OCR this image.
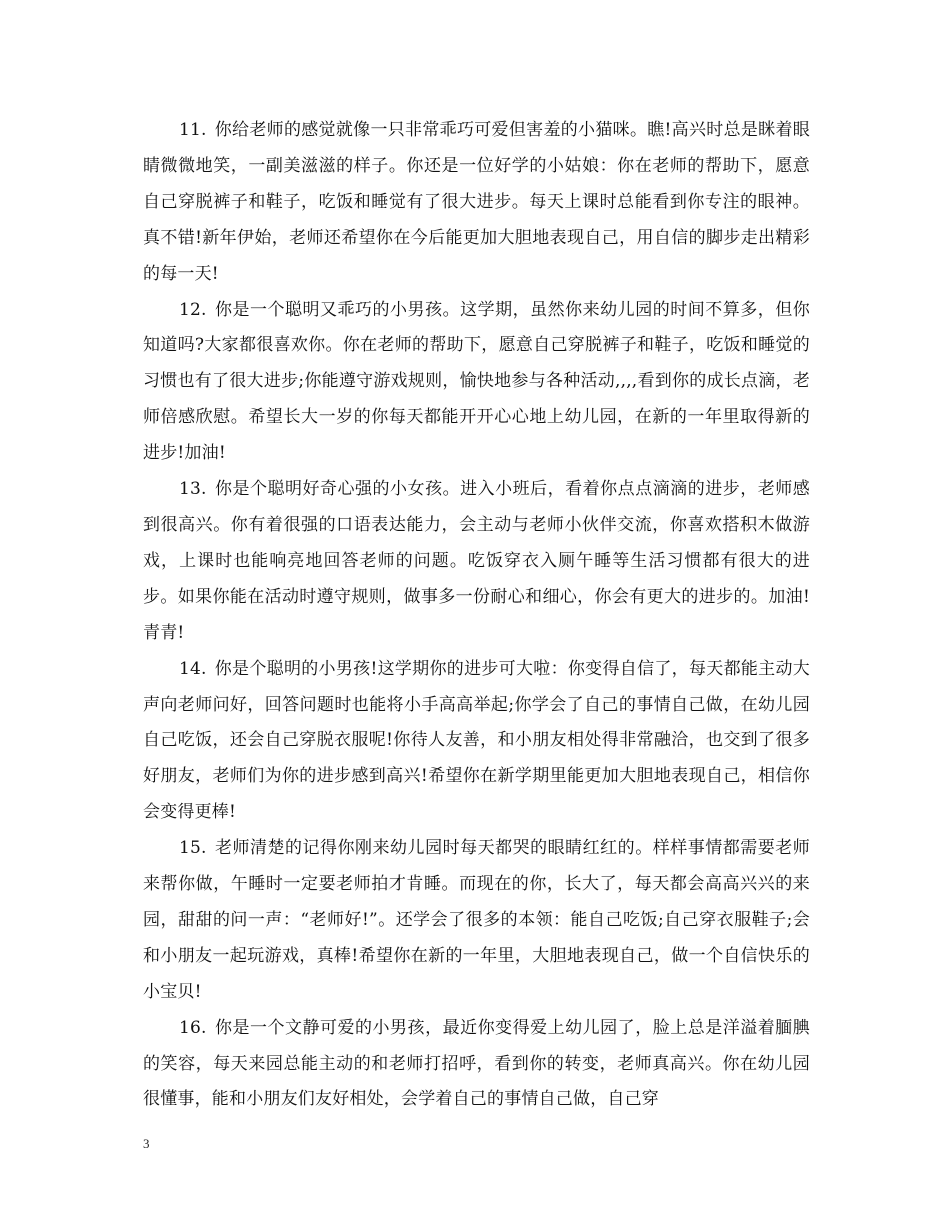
11. 你给老师的感觉就像一只非常乖巧可爱但害羞的小猫咪。瞧!高兴时总是眯着眼睛微微地笑，一副美滋滋的样子。你还是一位好学的小姑娘：你在老师的帮助下，愿意自己穿脱裤子和鞋子，吃饭和睡觉有了很大进步。每天上课时总能看到你专注的眼神。真不错!新年伊始，老师还希望你在今后能更加大胆地表现自己，用自信的脚步走出精彩的每一天!

12. 你是一个聪明又乖巧的小男孩。这学期，虽然你来幼儿园的时间不算多，但你知道吗?大家都很喜欢你。你在老师的帮助下，愿意自己穿脱裤子和鞋子，吃饭和睡觉的习惯也有了很大进步;你能遵守游戏规则，愉快地参与各种活动,,,,看到你的成长点滴，老师倍感欣慰。希望长大一岁的你每天都能开开心心地上幼儿园，在新的一年里取得新的进步!加油!

13. 你是个聪明好奇心强的小女孩。进入小班后，看着你点点滴滴的进步，老师感到很高兴。你有着很强的口语表达能力，会主动与老师小伙伴交流，你喜欢搭积木做游戏，上课时也能响亮地回答老师的问题。吃饭穿衣入厕午睡等生活习惯都有很大的进步。如果你能在活动时遵守规则，做事多一份耐心和细心，你会有更大的进步的。加油!青青!

14. 你是个聪明的小男孩!这学期你的进步可大啦：你变得自信了，每天都能主动大声向老师问好，回答问题时也能将小手高高举起;你学会了自己的事情自己做，在幼儿园自己吃饭，还会自己穿脱衣服呢!你待人友善，和小朋友相处得非常融洽，也交到了很多好朋友，老师们为你的进步感到高兴!希望你在新学期里能更加大胆地表现自己，相信你会变得更棒!

15. 老师清楚的记得你刚来幼儿园时每天都哭的眼睛红红的。样样事情都需要老师来帮你做，午睡时一定要老师拍才肯睡。而现在的你，长大了，每天都会高高兴兴的来园，甜甜的问一声：“老师好!”。还学会了很多的本领：能自己吃饭;自己穿衣服鞋子;会和小朋友一起玩游戏，真棒!希望你在新的一年里，大胆地表现自己，做一个自信快乐的小宝贝!

16. 你是一个文静可爱的小男孩，最近你变得爱上幼儿园了，脸上总是洋溢着腼腆的笑容，每天来园总能主动的和老师打招呼，看到你的转变，老师真高兴。你在幼儿园很懂事，能和小朋友们友好相处，会学着自己的事情自己做，自己穿

3
